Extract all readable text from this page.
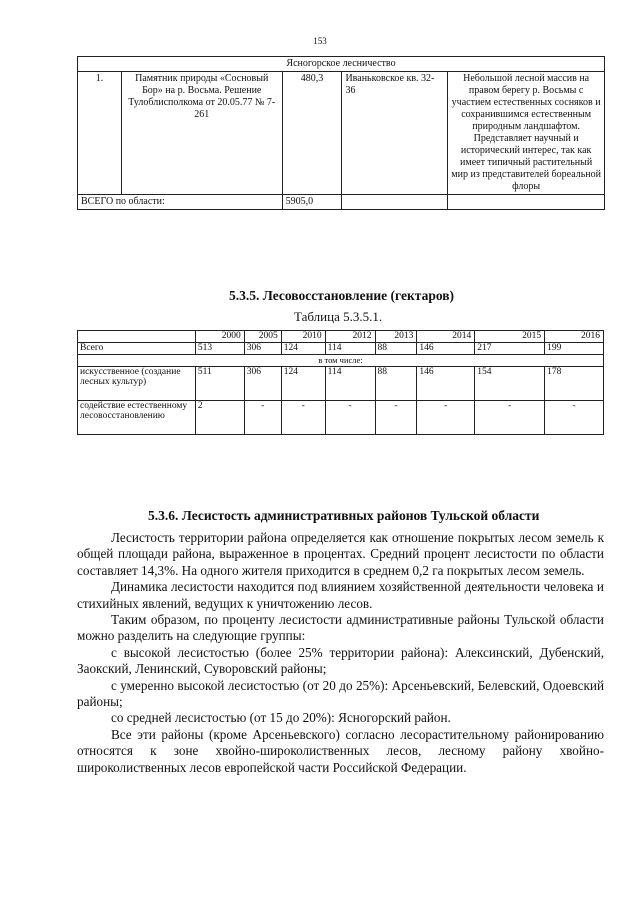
153
Ясногорское лесничество				
1.	Памятник природы «Сосновый Бор» на р. Восьма. Решение Тулоблисполкома от 20.05.77 № 7-261	480,3	Иваньковское кв. 32-36	Небольшой лесной массив на правом берегу р. Восьмы с участием естественных сосняков и сохранившимся естественным природным ландшафтом. Представляет научный и исторический интерес, так как имеет типичный растительный мир из представителей бореальной флоры
ВСЕГО по области:		5905,0		
5.3.5. Лесовосстановление (гектаров)
Таблица 5.3.5.1.
	2000	2005	2010	2012	2013	2014	2015	2016
Всего	513	306	124	114	88	146	217	199
в том числе:								
искусственное (создание лесных культур)	511	306	124	114	88	146	154	178
содействие естественному лесовосстановлению	2	-	-	-	-	-	-	-
5.3.6. Лесистость административных районов Тульской области
Лесистость территории района определяется как отношение покрытых лесом земель к общей площади района, выраженное в процентах. Средний процент лесистости по области составляет 14,3%. На одного жителя приходится в среднем 0,2 га покрытых лесом земель.
Динамика лесистости находится под влиянием хозяйственной деятельности человека и стихийных явлений, ведущих к уничтожению лесов.
Таким образом, по проценту лесистости административные районы Тульской области можно разделить на следующие группы:
с высокой лесистостью (более 25% территории района): Алексинский, Дубенский, Заокский, Ленинский, Суворовский районы;
с умеренно высокой лесистостью (от 20 до 25%): Арсеньевский, Белевский, Одоевский районы;
со средней лесистостью (от 15 до 20%): Ясногорский район.
Все эти районы (кроме Арсеньевского) согласно лесорастительному районированию относятся к зоне хвойно-широколиственных лесов, лесному району хвойно-широколиственных лесов европейской части Российской Федерации.
